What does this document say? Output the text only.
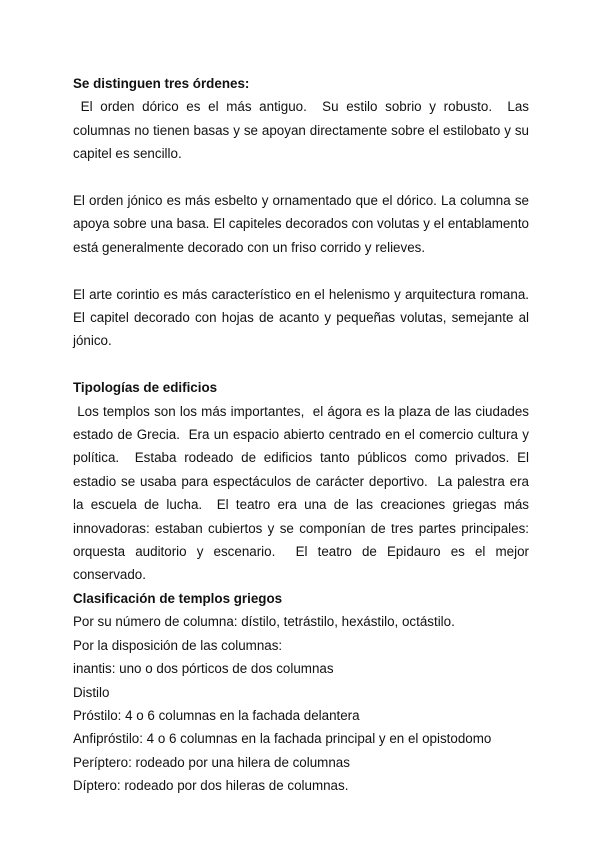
Se distinguen tres órdenes:

El orden dórico es el más antiguo.  Su estilo sobrio y robusto.  Las columnas no tienen basas y se apoyan directamente sobre el estilobato y su capitel es sencillo.

El orden jónico es más esbelto y ornamentado que el dórico. La columna se apoya sobre una basa. El capiteles decorados con volutas y el entablamento está generalmente decorado con un friso corrido y relieves.

El arte corintio es más característico en el helenismo y arquitectura romana. El capitel decorado con hojas de acanto y pequeñas volutas, semejante al jónico.

Tipologías de edificios

Los templos son los más importantes,  el ágora es la plaza de las ciudades estado de Grecia.  Era un espacio abierto centrado en el comercio cultura y política.  Estaba rodeado de edificios tanto públicos como privados. El estadio se usaba para espectáculos de carácter deportivo.  La palestra era la escuela de lucha.  El teatro era una de las creaciones griegas más innovadoras: estaban cubiertos y se componían de tres partes principales: orquesta auditorio y escenario.  El teatro de Epidauro es el mejor conservado.

Clasificación de templos griegos

Por su número de columna: dístilo, tetrástilo, hexástilo, octástilo.

Por la disposición de las columnas:

inantis: uno o dos pórticos de dos columnas

Distilo

Próstilo: 4 o 6 columnas en la fachada delantera

Anfipróstilo: 4 o 6 columnas en la fachada principal y en el opistodomo

Períptero: rodeado por una hilera de columnas

Díptero: rodeado por dos hileras de columnas.
